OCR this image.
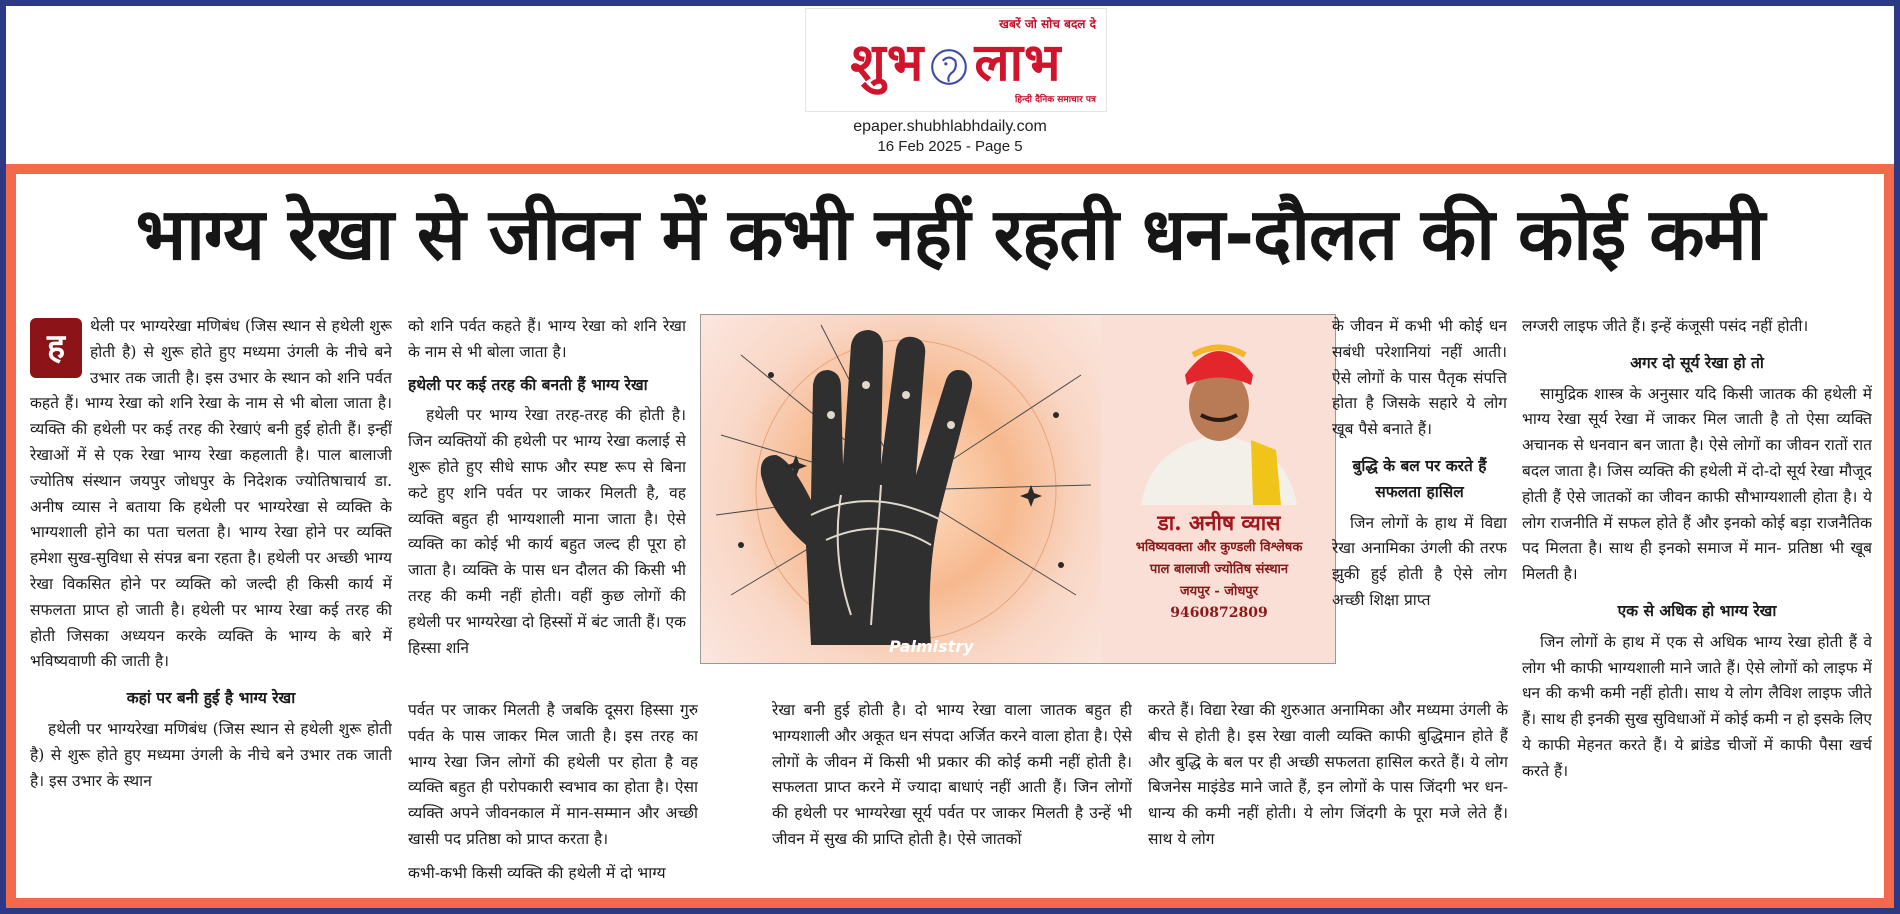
खबरें जो सोच बदल दे
शुभ लाभ
हिन्दी दैनिक समाचार पत्र
epaper.shubhlabhdaily.com
16 Feb 2025 - Page 5
भाग्य रेखा से जीवन में कभी नहीं रहती धन-दौलत की कोई कमी
ह

थेली पर भाग्यरेखा मणिबंध (जिस स्थान से हथेली शुरू होती है) से शुरू होते हुए मध्यमा उंगली के नीचे बने उभार तक जाती है। इस उभार के स्थान को शनि पर्वत कहते हैं। भाग्य रेखा को शनि रेखा के नाम से भी बोला जाता है। व्यक्ति की हथेली पर कई तरह की रेखाएं बनी हुई होती हैं। इन्हीं रेखाओं में से एक रेखा भाग्य रेखा कहलाती है। पाल बालाजी ज्योतिष संस्थान जयपुर जोधपुर के निदेशक ज्योतिषाचार्य डा. अनीष व्यास ने बताया कि हथेली पर भाग्यरेखा से व्यक्ति के भाग्यशाली होने का पता चलता है। भाग्य रेखा होने पर व्यक्ति हमेशा सुख-सुविधा से संपन्न बना रहता है। हथेली पर अच्छी भाग्य रेखा विकसित होने पर व्यक्ति को जल्दी ही किसी कार्य में सफलता प्राप्त हो जाती है। हथेली पर भाग्य रेखा कई तरह की होती जिसका अध्ययन करके व्यक्ति के भाग्य के बारे में भविष्यवाणी की जाती है।

कहां पर बनी हुई है भाग्य रेखा

हथेली पर भाग्यरेखा मणिबंध (जिस स्थान से हथेली शुरू होती है) से शुरू होते हुए मध्यमा उंगली के नीचे बने उभार तक जाती है। इस उभार के स्थान

को शनि पर्वत कहते हैं। भाग्य रेखा को शनि रेखा के नाम से भी बोला जाता है।

हथेली पर कई तरह की बनती हैं भाग्य रेखा

हथेली पर भाग्य रेखा तरह-तरह की होती है। जिन व्यक्तियों की हथेली पर भाग्य रेखा कलाई से शुरू होते हुए सीधे साफ और स्पष्ट रूप से बिना कटे हुए शनि पर्वत पर जाकर मिलती है, वह व्यक्ति बहुत ही भाग्यशाली माना जाता है। ऐसे व्यक्ति का कोई भी कार्य बहुत जल्द ही पूरा हो जाता है। व्यक्ति के पास धन दौलत की किसी भी तरह की कमी नहीं होती। वहीं कुछ लोगों की हथेली पर भाग्यरेखा दो हिस्सों में बंट जाती हैं। एक हिस्सा शनि	Palmistry
डा. अनीष व्यास
भविष्यवक्ता और कुण्डली विश्लेषक
पाल बालाजी ज्योतिष संस्थान
जयपुर - जोधपुर
9460872809

के जीवन में कभी भी कोई धन सबंधी परेशानियां नहीं आती। ऐसे लोगों के पास पैतृक संपत्ति होता है जिसके सहारे ये लोग खूब पैसे बनाते हैं।

बुद्धि के बल पर करते हैं सफलता हासिल

जिन लोगों के हाथ में विद्या रेखा अनामिका उंगली की तरफ झुकी हुई होती है ऐसे लोग अच्छी शिक्षा प्राप्त

पर्वत पर जाकर मिलती है जबकि दूसरा हिस्सा गुरु पर्वत के पास जाकर मिल जाती है। इस तरह का भाग्य रेखा जिन लोगों की हथेली पर होता है वह व्यक्ति बहुत ही परोपकारी स्वभाव का होता है। ऐसा व्यक्ति अपने जीवनकाल में मान-सम्मान और अच्छी खासी पद प्रतिष्ठा को प्राप्त करता है।

कभी-कभी किसी व्यक्ति की हथेली में दो भाग्य

रेखा बनी हुई होती है। दो भाग्य रेखा वाला जातक बहुत ही भाग्यशाली और अकूत धन संपदा अर्जित करने वाला होता है। ऐसे लोगों के जीवन में किसी भी प्रकार की कोई कमी नहीं होती है। सफलता प्राप्त करने में ज्यादा बाधाएं नहीं आती हैं। जिन लोगों की हथेली पर भाग्यरेखा सूर्य पर्वत पर जाकर मिलती है उन्हें भी जीवन में सुख की प्राप्ति होती है। ऐसे जातकों

करते हैं। विद्या रेखा की शुरुआत अनामिका और मध्यमा उंगली के बीच से होती है। इस रेखा वाली व्यक्ति काफी बुद्धिमान होते हैं और बुद्धि के बल पर ही अच्छी सफलता हासिल करते हैं। ये लोग बिजनेस माइंडेड माने जाते हैं, इन लोगों के पास जिंदगी भर धन- धान्य की कमी नहीं होती। ये लोग जिंदगी के पूरा मजे लेते हैं। साथ ये लोग

लग्जरी लाइफ जीते हैं। इन्हें कंजूसी पसंद नहीं होती।

अगर दो सूर्य रेखा हो तो

सामुद्रिक शास्त्र के अनुसार यदि किसी जातक की हथेली में भाग्य रेखा सूर्य रेखा में जाकर मिल जाती है तो ऐसा व्यक्ति अचानक से धनवान बन जाता है। ऐसे लोगों का जीवन रातों रात बदल जाता है। जिस व्यक्ति की हथेली में दो-दो सूर्य रेखा मौजूद होती हैं ऐसे जातकों का जीवन काफी सौभाग्यशाली होता है। ये लोग राजनीति में सफल होते हैं और इनको कोई बड़ा राजनैतिक पद मिलता है। साथ ही इनको समाज में मान- प्रतिष्ठा भी खूब मिलती है।

एक से अधिक हो भाग्य रेखा

जिन लोगों के हाथ में एक से अधिक भाग्य रेखा होती हैं वे लोग भी काफी भाग्यशाली माने जाते हैं। ऐसे लोगों को लाइफ में धन की कभी कमी नहीं होती। साथ ये लोग लैविश लाइफ जीते हैं। साथ ही इनकी सुख सुविधाओं में कोई कमी न हो इसके लिए ये काफी मेहनत करते हैं। ये ब्रांडेड चीजों में काफी पैसा खर्च करते हैं।
